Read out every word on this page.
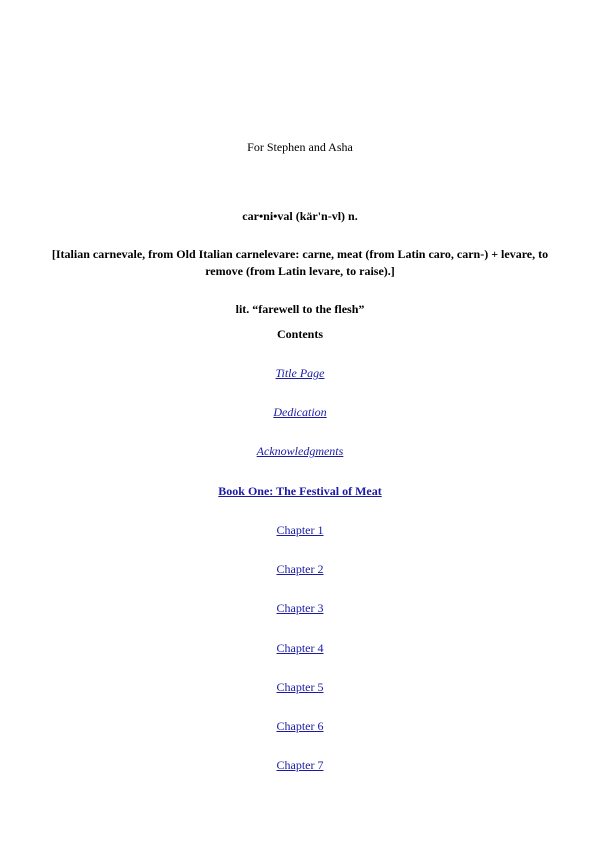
For Stephen and Asha
car•ni•val (kär'n-vl) n.
[Italian carnevale, from Old Italian carnelevare: carne, meat (from Latin caro, carn-) + levare, to remove (from Latin levare, to raise).]
lit. “farewell to the flesh”
Contents
Title Page
Dedication
Acknowledgments
Book One: The Festival of Meat
Chapter 1
Chapter 2
Chapter 3
Chapter 4
Chapter 5
Chapter 6
Chapter 7
